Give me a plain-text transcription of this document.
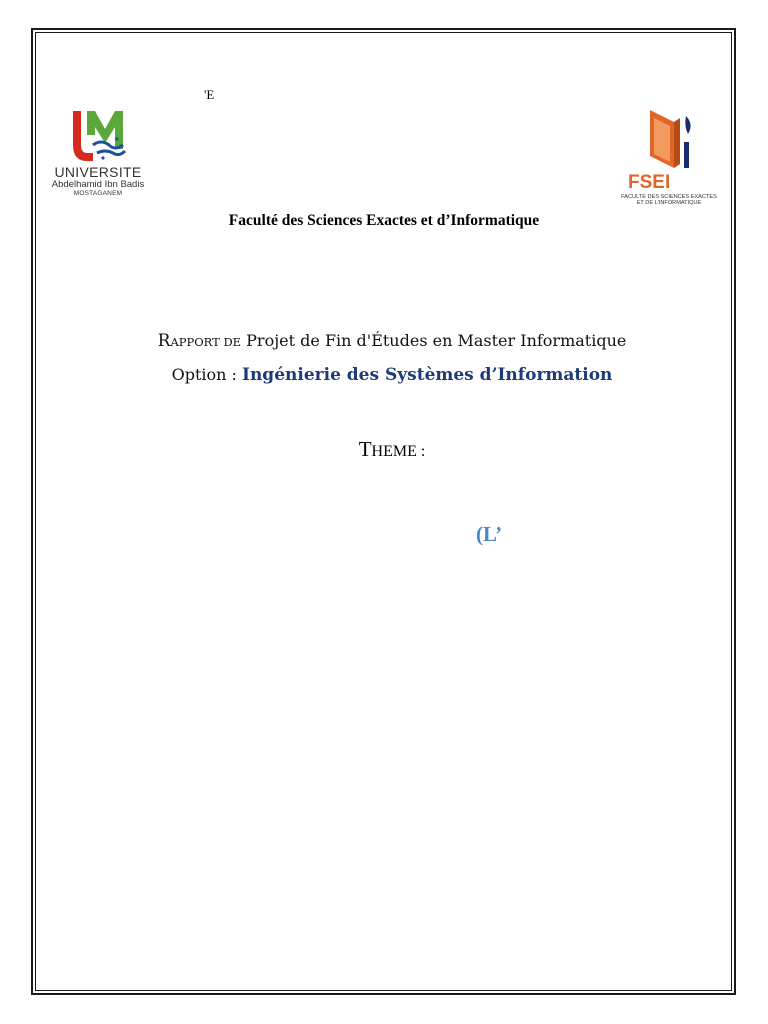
'E
UNIVERSITE
Abdelhamid Ibn Badis
MOSTAGANEM
FSEI
FACULTE DES SCIENCES EXACTES
ET DE L'INFORMATIQUE
Faculté des Sciences Exactes et d’Informatique
RAPPORT DE Projet de Fin d'Études en Master Informatique
Option : Ingénierie des Systèmes d’Information
THEME :
(L’
